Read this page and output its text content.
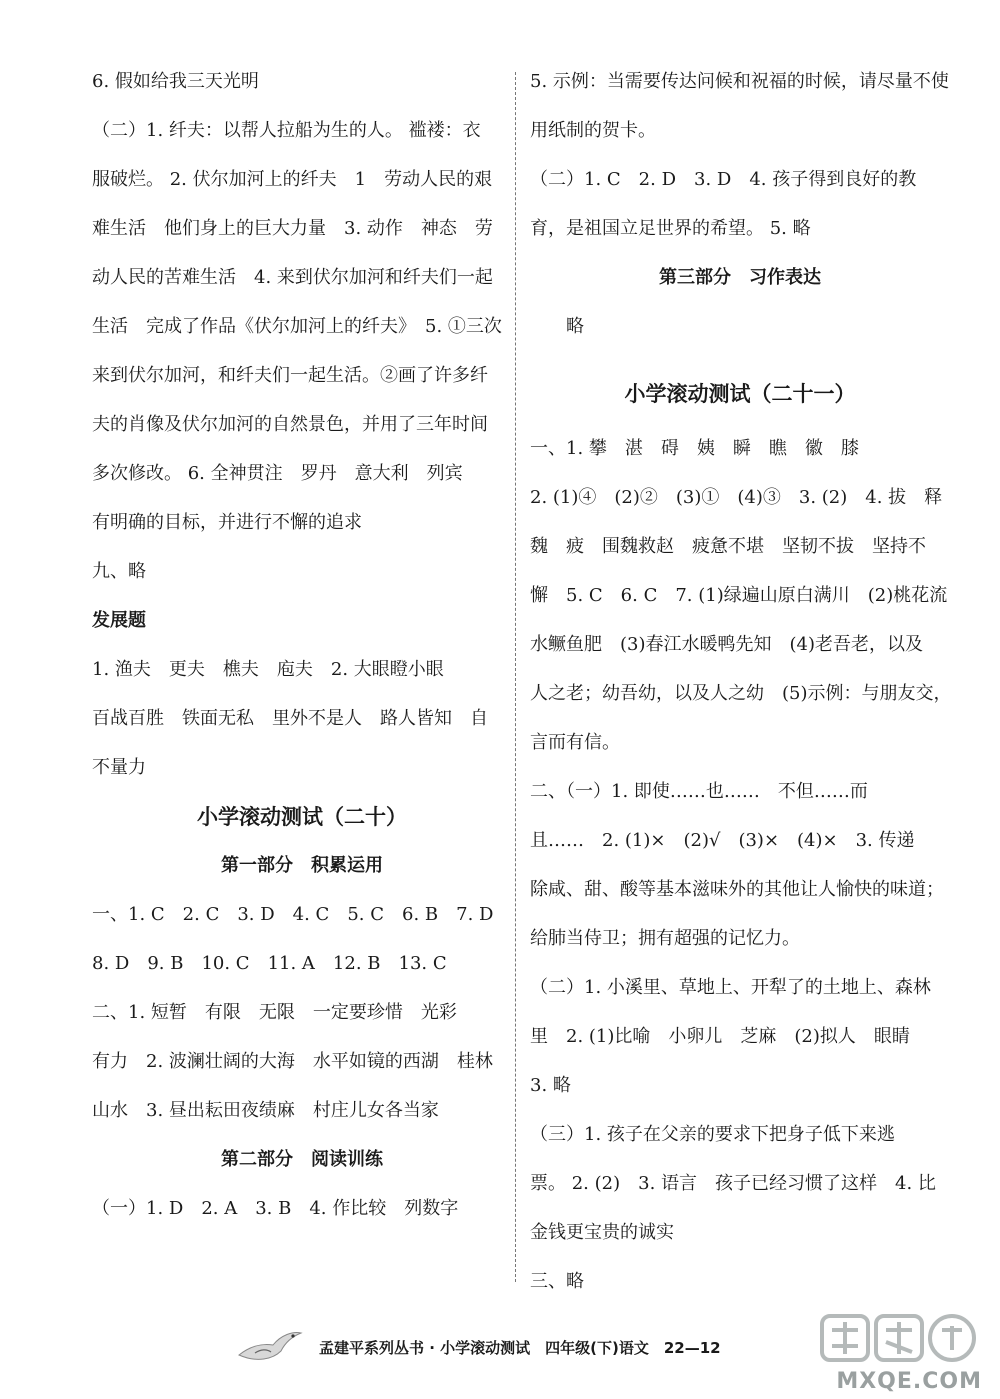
6. 假如给我三天光明
（二）1. 纤夫：以帮人拉船为生的人。 褴褛：衣
服破烂。 2. 伏尔加河上的纤夫　1　劳动人民的艰
难生活　他们身上的巨大力量　3. 动作　神态　劳
动人民的苦难生活　4. 来到伏尔加河和纤夫们一起
生活　完成了作品《伏尔加河上的纤夫》　5. ①三次
来到伏尔加河，和纤夫们一起生活。②画了许多纤
夫的肖像及伏尔加河的自然景色，并用了三年时间
多次修改。 6. 全神贯注　罗丹　意大利　列宾
有明确的目标，并进行不懈的追求
九、略
发展题
1. 渔夫　更夫　樵夫　庖夫　2. 大眼瞪小眼
百战百胜　铁面无私　里外不是人　路人皆知　自
不量力
小学滚动测试（二十）
第一部分　积累运用
一、1. C　2. C　3. D　4. C　5. C　6. B　7. D
8. D　9. B　10. C　11. A　12. B　13. C
二、1. 短暂　有限　无限　一定要珍惜　光彩
有力　2. 波澜壮阔的大海　水平如镜的西湖　桂林
山水　3. 昼出耘田夜绩麻　村庄儿女各当家
第二部分　阅读训练
（一）1. D　2. A　3. B　4. 作比较　列数字
5. 示例：当需要传达问候和祝福的时候，请尽量不使
用纸制的贺卡。
（二）1. C　2. D　3. D　4. 孩子得到良好的教
育，是祖国立足世界的希望。 5. 略
第三部分　习作表达
略
小学滚动测试（二十一）
一、1. 攀　湛　碍　姨　瞬　瞧　徽　膝
2. (1)④　(2)②　(3)①　(4)③　3. (2)　4. 拔　释
魏　疲　围魏救赵　疲惫不堪　坚韧不拔　坚持不
懈　5. C　6. C　7. (1)绿遍山原白满川　(2)桃花流
水鳜鱼肥　(3)春江水暖鸭先知　(4)老吾老，以及
人之老；幼吾幼，以及人之幼　(5)示例：与朋友交，
言而有信。
二、（一）1. 即使……也……　不但……而
且……　2. (1)×　(2)√　(3)×　(4)×　3. 传递
除咸、甜、酸等基本滋味外的其他让人愉快的味道；
给肺当侍卫；拥有超强的记忆力。
（二）1. 小溪里、草地上、开犁了的土地上、森林
里　2. (1)比喻　小卵儿　芝麻　(2)拟人　眼睛
3. 略
（三）1. 孩子在父亲的要求下把身子低下来逃
票。 2. (2)　3. 语言　孩子已经习惯了这样　4. 比
金钱更宝贵的诚实
三、略
孟建平系列丛书 · 小学滚动测试　四年级(下)语文　22—12
MXQE.COM
